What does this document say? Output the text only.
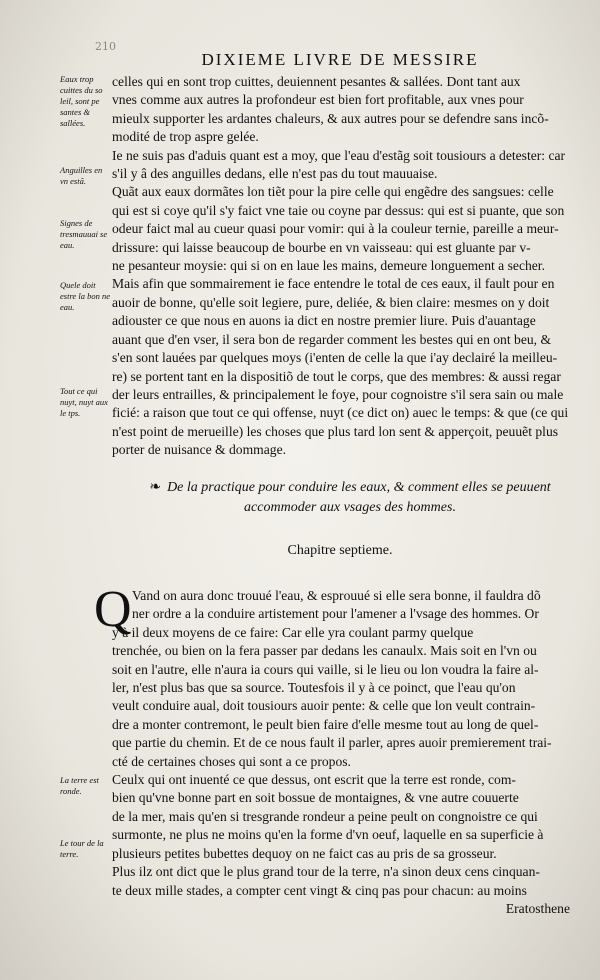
210
DIXIEME LIVRE DE MESSIRE
Eaux trop cuittes du so leil, sont pe santes & sallées.
Anguilles en vn estã.
Signes de tresmauuai se eau.
Quele doit estre la bon ne eau.
Tout ce qui nuyt, nuyt aux le tps.
La terre est ronde.
Le tour de la terre.
celles qui en sont trop cuittes, deuiennent pesantes & sallées. Dont tant aux
vnes comme aux autres la profondeur est bien fort profitable, aux vnes pour
mieulx supporter les ardantes chaleurs, & aux autres pour se defendre sans incõ-
modité de trop aspre gelée.
Ie ne suis pas d'aduis quant est a moy, que l'eau d'estãg soit tousiours a detester: car
s'il y â des anguilles dedans, elle n'est pas du tout mauuaise.
Quãt aux eaux dormãtes lon tiẽt pour la pire celle qui engẽdre des sangsues: celle
qui est si coye qu'il s'y faict vne taie ou coyne par dessus: qui est si puante, que son
odeur faict mal au cueur quasi pour vomir: qui à la couleur ternie, pareille a meur-
drissure: qui laisse beaucoup de bourbe en vn vaisseau: qui est gluante par v-
ne pesanteur moysie: qui si on en laue les mains, demeure longuement a secher.
Mais afin que sommairement ie face entendre le total de ces eaux, il fault pour en
auoir de bonne, qu'elle soit legiere, pure, deliée, & bien claire: mesmes on y doit
adiouster ce que nous en auons ia dict en nostre premier liure. Puis d'auantage
auant que d'en vser, il sera bon de regarder comment les bestes qui en ont beu, &
s'en sont lauées par quelques moys (i'enten de celle la que i'ay declairé la meilleu-
re) se portent tant en la dispositiõ de tout le corps, que des membres: & aussi regar
der leurs entrailles, & principalement le foye, pour cognoistre s'il sera sain ou male
ficié: a raison que tout ce qui offense, nuyt (ce dict on) auec le temps: & que (ce qui
n'est point de merueille) les choses que plus tard lon sent & apperçoit, peuuẽt plus
porter de nuisance & dommage.
❧ De la practique pour conduire les eaux, & comment elles se peuuent
accommoder aux vsages des hommes.
Chapitre septieme.
Q Vand on aura donc trouué l'eau, & esprouué si elle sera bonne, il fauldra dõ
ner ordre a la conduire artistement pour l'amener a l'vsage des hommes. Or
y à il deux moyens de ce faire: Car elle yra coulant parmy quelque
trenchée, ou bien on la fera passer par dedans les canaulx. Mais soit en l'vn ou
soit en l'autre, elle n'aura ia cours qui vaille, si le lieu ou lon voudra la faire al-
ler, n'est plus bas que sa source. Toutesfois il y à ce poinct, que l'eau qu'on
veult conduire aual, doit tousiours auoir pente: & celle que lon veult contrain-
dre a monter contremont, le peult bien faire d'elle mesme tout au long de quel-
que partie du chemin. Et de ce nous fault il parler, apres auoir premierement trai-
cté de certaines choses qui sont a ce propos.
Ceulx qui ont inuenté ce que dessus, ont escrit que la terre est ronde, com-
bien qu'vne bonne part en soit bossue de montaignes, & vne autre couuerte
de la mer, mais qu'en si tresgrande rondeur a peine peult on congnoistre ce qui
surmonte, ne plus ne moins qu'en la forme d'vn oeuf, laquelle en sa superficie à
plusieurs petites bubettes dequoy on ne faict cas au pris de sa grosseur.
Plus ilz ont dict que le plus grand tour de la terre, n'a sinon deux cens cinquan-
te deux mille stades, a compter cent vingt & cinq pas pour chacun: au moins
Eratosthene
